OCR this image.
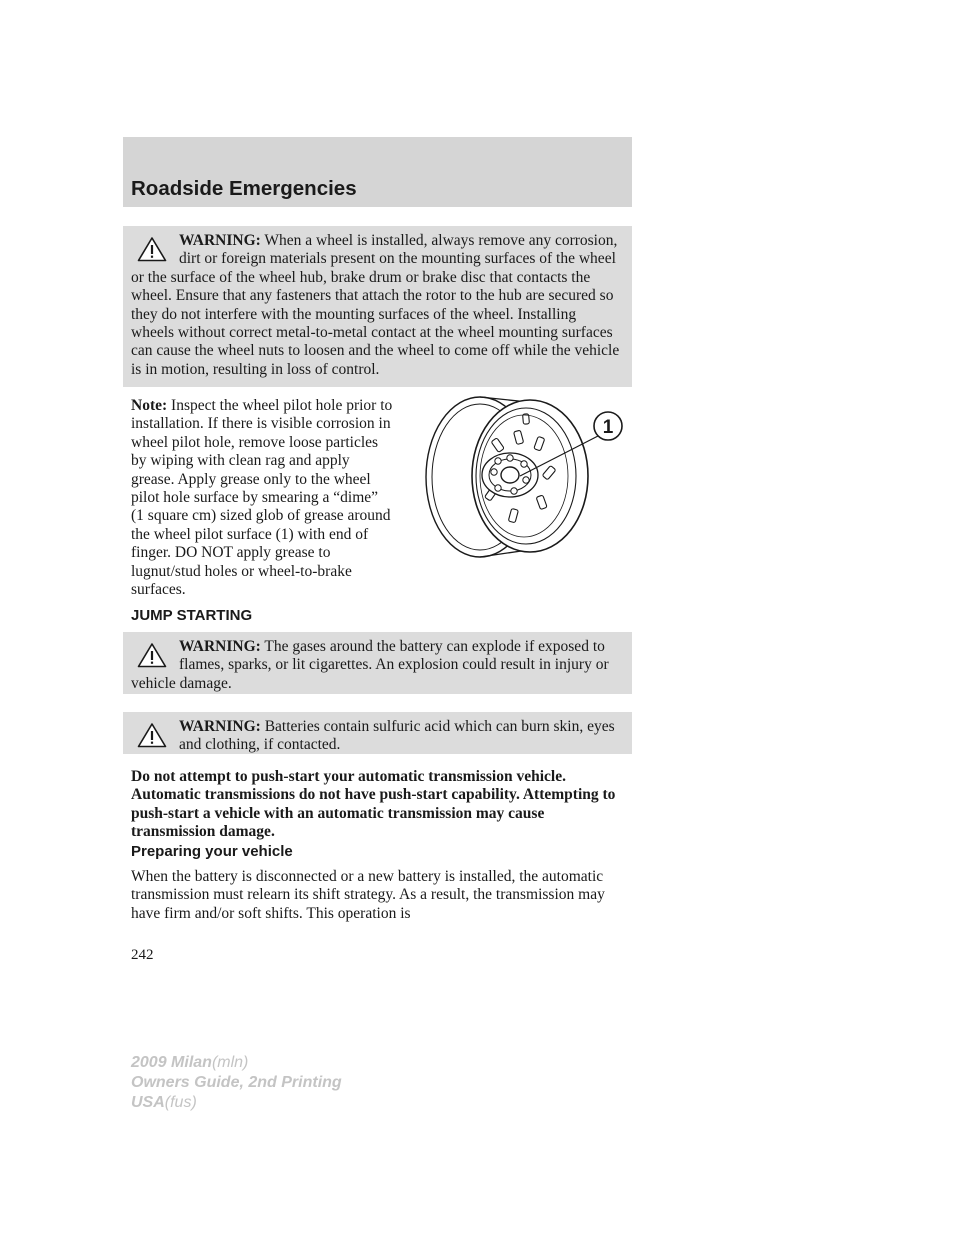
Roadside Emergencies
WARNING: When a wheel is installed, always remove any corrosion, dirt or foreign materials present on the mounting surfaces of the wheel or the surface of the wheel hub, brake drum or brake disc that contacts the wheel. Ensure that any fasteners that attach the rotor to the hub are secured so they do not interfere with the mounting surfaces of the wheel. Installing wheels without correct metal-to-metal contact at the wheel mounting surfaces can cause the wheel nuts to loosen and the wheel to come off while the vehicle is in motion, resulting in loss of control.
Note: Inspect the wheel pilot hole prior to installation. If there is visible corrosion in wheel pilot hole, remove loose particles by wiping with clean rag and apply grease. Apply grease only to the wheel pilot hole surface by smearing a “dime” (1 square cm) sized glob of grease around the wheel pilot surface (1) with end of finger. DO NOT apply grease to lugnut/stud holes or wheel-to-brake surfaces.
1
JUMP STARTING
WARNING: The gases around the battery can explode if exposed to flames, sparks, or lit cigarettes. An explosion could result in injury or vehicle damage.
WARNING: Batteries contain sulfuric acid which can burn skin, eyes and clothing, if contacted.

Do not attempt to push-start your automatic transmission vehicle. Automatic transmissions do not have push-start capability. Attempting to push-start a vehicle with an automatic transmission may cause transmission damage.

Preparing your vehicle

When the battery is disconnected or a new battery is installed, the automatic transmission must relearn its shift strategy. As a result, the transmission may have firm and/or soft shifts. This operation is

242
2009 Milan(mln)
Owners Guide, 2nd Printing
USA(fus)
